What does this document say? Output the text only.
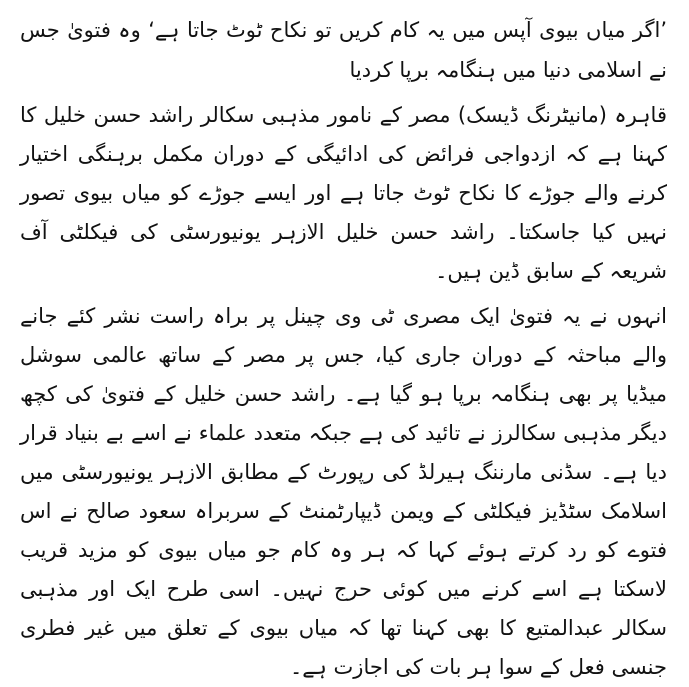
’اگر میاں بیوی آپس میں یہ کام کریں تو نکاح ٹوٹ جاتا ہے‘ وہ فتویٰ جس نے اسلامی دنیا میں ہنگامہ برپا کردیا

قاہرہ (مانیٹرنگ ڈیسک) مصر کے نامور مذہبی سکالر راشد حسن خلیل کا کہنا ہے کہ ازدواجی فرائض کی ادائیگی کے دوران مکمل برہنگی اختیار کرنے والے جوڑے کا نکاح ٹوٹ جاتا ہے اور ایسے جوڑے کو میاں بیوی تصور نہیں کیا جاسکتا۔ راشد حسن خلیل الازہر یونیورسٹی کی فیکلٹی آف شریعہ کے سابق ڈین ہیں۔

انہوں نے یہ فتویٰ ایک مصری ٹی وی چینل پر براہ راست نشر کئے جانے والے مباحثہ کے دوران جاری کیا، جس پر مصر کے ساتھ عالمی سوشل میڈیا پر بھی ہنگامہ برپا ہو گیا ہے۔ راشد حسن خلیل کے فتویٰ کی کچھ دیگر مذہبی سکالرز نے تائید کی ہے جبکہ متعدد علماء نے اسے بے بنیاد قرار دیا ہے۔ سڈنی مارننگ ہیرلڈ کی رپورٹ کے مطابق الازہر یونیورسٹی میں اسلامک سٹڈیز فیکلٹی کے ویمن ڈیپارٹمنٹ کے سربراہ سعود صالح نے اس فتوے کو رد کرتے ہوئے کہا کہ ہر وہ کام جو میاں بیوی کو مزید قریب لاسکتا ہے اسے کرنے میں کوئی حرج نہیں۔ اسی طرح ایک اور مذہبی سکالر عبدالمتیع کا بھی کہنا تھا کہ میاں بیوی کے تعلق میں غیر فطری جنسی فعل کے سوا ہر بات کی اجازت ہے۔
